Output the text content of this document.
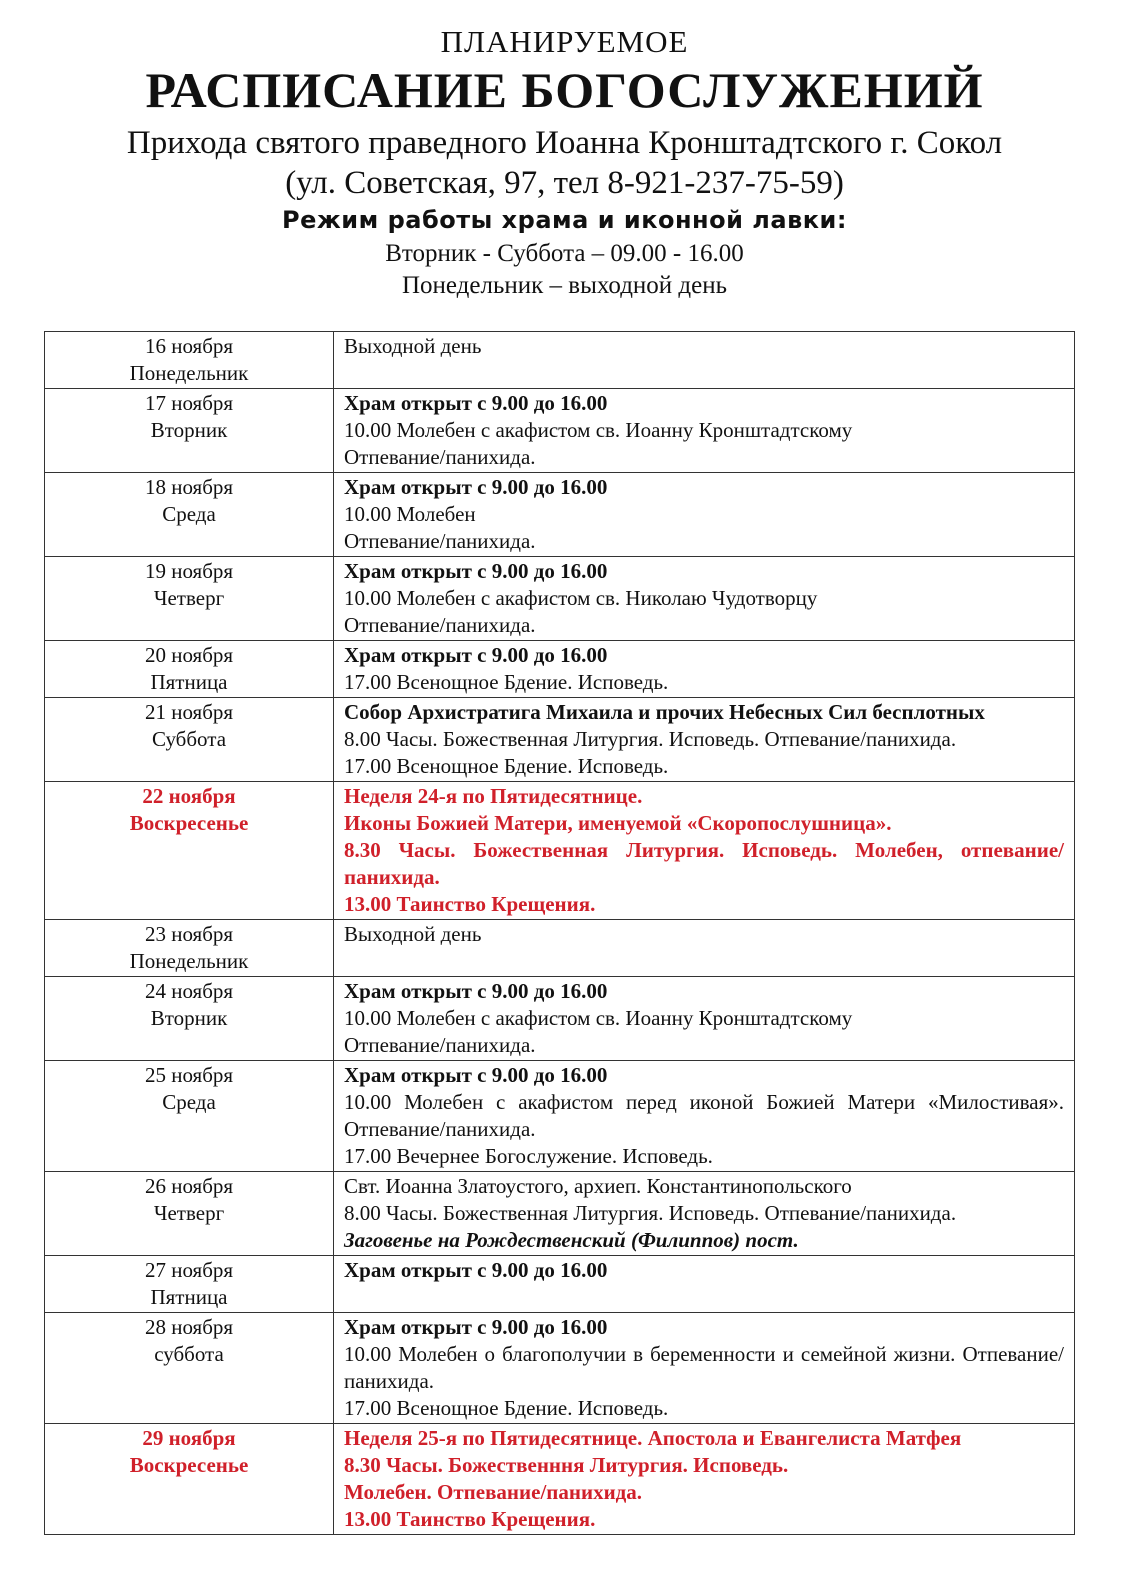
ПЛАНИРУЕМОЕ
РАСПИСАНИЕ БОГОСЛУЖЕНИЙ
Прихода святого праведного Иоанна Кронштадтского г. Сокол
(ул. Советская, 97, тел 8-921-237-75-59)
Режим работы храма и иконной лавки:
Вторник - Суббота – 09.00 - 16.00
Понедельник – выходной день
16 ноября
Понедельник	Выходной день

17 ноября
Вторник	Храм открыт с 9.00 до 16.00
10.00 Молебен с акафистом св. Иоанну Кронштадтскому
Отпевание/панихида.

18 ноября
Среда	Храм открыт с 9.00 до 16.00
10.00 Молебен
Отпевание/панихида.

19 ноября
Четверг	Храм открыт с 9.00 до 16.00
10.00 Молебен с акафистом св. Николаю Чудотворцу
Отпевание/панихида.

20 ноября
Пятница	Храм открыт с 9.00 до 16.00
17.00 Всенощное Бдение. Исповедь.

21 ноября
Суббота	Собор Архистратига Михаила и прочих Небесных Сил бесплотных
8.00 Часы. Божественная Литургия. Исповедь. Отпевание/панихида.
17.00 Всенощное Бдение. Исповедь.

22 ноября
Воскресенье	Неделя 24-я по Пятидесятнице.
Иконы Божией Матери, именуемой «Скоропослушница».
8.30 Часы. Божественная Литургия. Исповедь. Молебен, отпевание/панихида.
13.00 Таинство Крещения.

23 ноября
Понедельник	Выходной день

24 ноября
Вторник	Храм открыт с 9.00 до 16.00
10.00 Молебен с акафистом св. Иоанну Кронштадтскому
Отпевание/панихида.

25 ноября
Среда	Храм открыт с 9.00 до 16.00
10.00 Молебен с акафистом перед иконой Божией Матери «Милостивая». Отпевание/панихида.
17.00 Вечернее Богослужение. Исповедь.

26 ноября
Четверг	Свт. Иоанна Златоустого, архиеп. Константинопольского
8.00 Часы. Божественная Литургия. Исповедь. Отпевание/панихида.
Заговенье на Рождественский (Филиппов) пост.

27 ноября
Пятница	Храм открыт с 9.00 до 16.00

28 ноября
суббота	Храм открыт с 9.00 до 16.00
10.00 Молебен о благополучии в беременности и семейной жизни. Отпевание/панихида.
17.00 Всенощное Бдение. Исповедь.

29 ноября
Воскресенье	Неделя 25-я по Пятидесятнице. Апостола и Евангелиста Матфея
8.30 Часы. Божественння Литургия. Исповедь.
Молебен. Отпевание/панихида.
13.00 Таинство Крещения.
